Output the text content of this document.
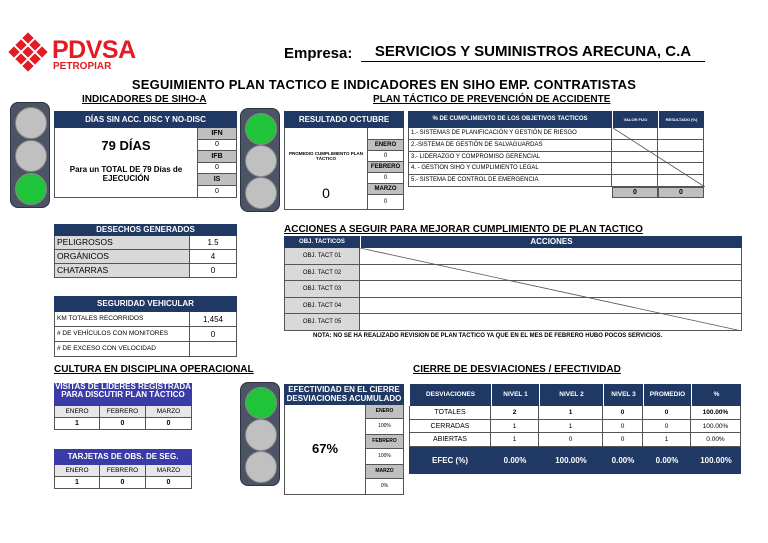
PDVSA
PETROPIAR
Empresa:	SERVICIOS Y SUMINISTROS ARECUNA, C.A
SEGUIMIENTO PLAN TACTICO E INDICADORES EN SIHO EMP. CONTRATISTAS
INDICADORES DE SIHO-A
DÍAS SIN ACC. DISC Y NO-DISC
79 DÍAS
Para un TOTAL DE 79 Días de EJECUCIÓN
IFN
0
IFB
0
IS
0
PLAN TÁCTICO DE PREVENCIÓN DE ACCIDENTE
RESULTADO OCTUBRE
PROMEDIO CUMPLIMIENTO PLAN TÁCTICO
0
ENERO
0
FEBRERO
0
MARZO
0
% DE CUMPLIMIENTO DE LOS OBJETIVOS TACTICOS	VALOR FIJO	RESULTADO (%)
1.- SISTEMAS DE PLANIFICACIÓN Y GESTIÓN DE RIESGO
2.-SISTEMA DE GESTIÓN DE SALVAGUARDAS
3.- LIDERAZGO Y COMPROMISO GERENCIAL
4. - GESTION SIHO Y CUMPLIMIENTO LEGAL
5.- SISTEMA DE CONTROL DE EMERGENCIA
0	0
DESECHOS GENERADOS
PELIGROSOS	1.5
ORGÁNICOS	4
CHATARRAS	0
SEGURIDAD VEHICULAR
KM TOTALES RECORRIDOS	1,454
# DE VEHÍCULOS CON MONITORES	0
# DE EXCESO CON VELOCIDAD
ACCIONES A SEGUIR PARA MEJORAR CUMPLIMIENTO DE PLAN TACTICO
OBJ. TACTICOS	ACCIONES
OBJ. TACT 01
OBJ. TACT 02
OBJ. TACT 03
OBJ. TACT 04
OBJ. TACT 05
NOTA: NO SE HA REALIZADO REVISION DE PLAN TACTICO YA QUE EN EL MES DE FEBRERO HUBO POCOS SERVICIOS.
CULTURA EN DISCIPLINA OPERACIONAL
VISITAS DE LIDERES REGISTRADA PARA DISCUTIR PLAN TÁCTICO
ENERO	FEBRERO	MARZO
1	0	0
TARJETAS DE OBS. DE SEG.
ENERO	FEBRERO	MARZO
1	0	0
EFECTIVIDAD EN EL CIERRE DESVIACIONES ACUMULADO
67%
ENERO
100%
FEBRERO
100%
MARZO
0%
CIERRE DE DESVIACIONES / EFECTIVIDAD
DESVIACIONES	NIVEL 1	NIVEL 2	NIVEL 3	PROMEDIO	%
TOTALES	2	1	0	0	100.00%
CERRADAS	1	1	0	0	100.00%
ABIERTAS	1	0	0	1	0.00%
EFEC (%)	0.00%	100.00%	0.00%	0.00%	100.00%
